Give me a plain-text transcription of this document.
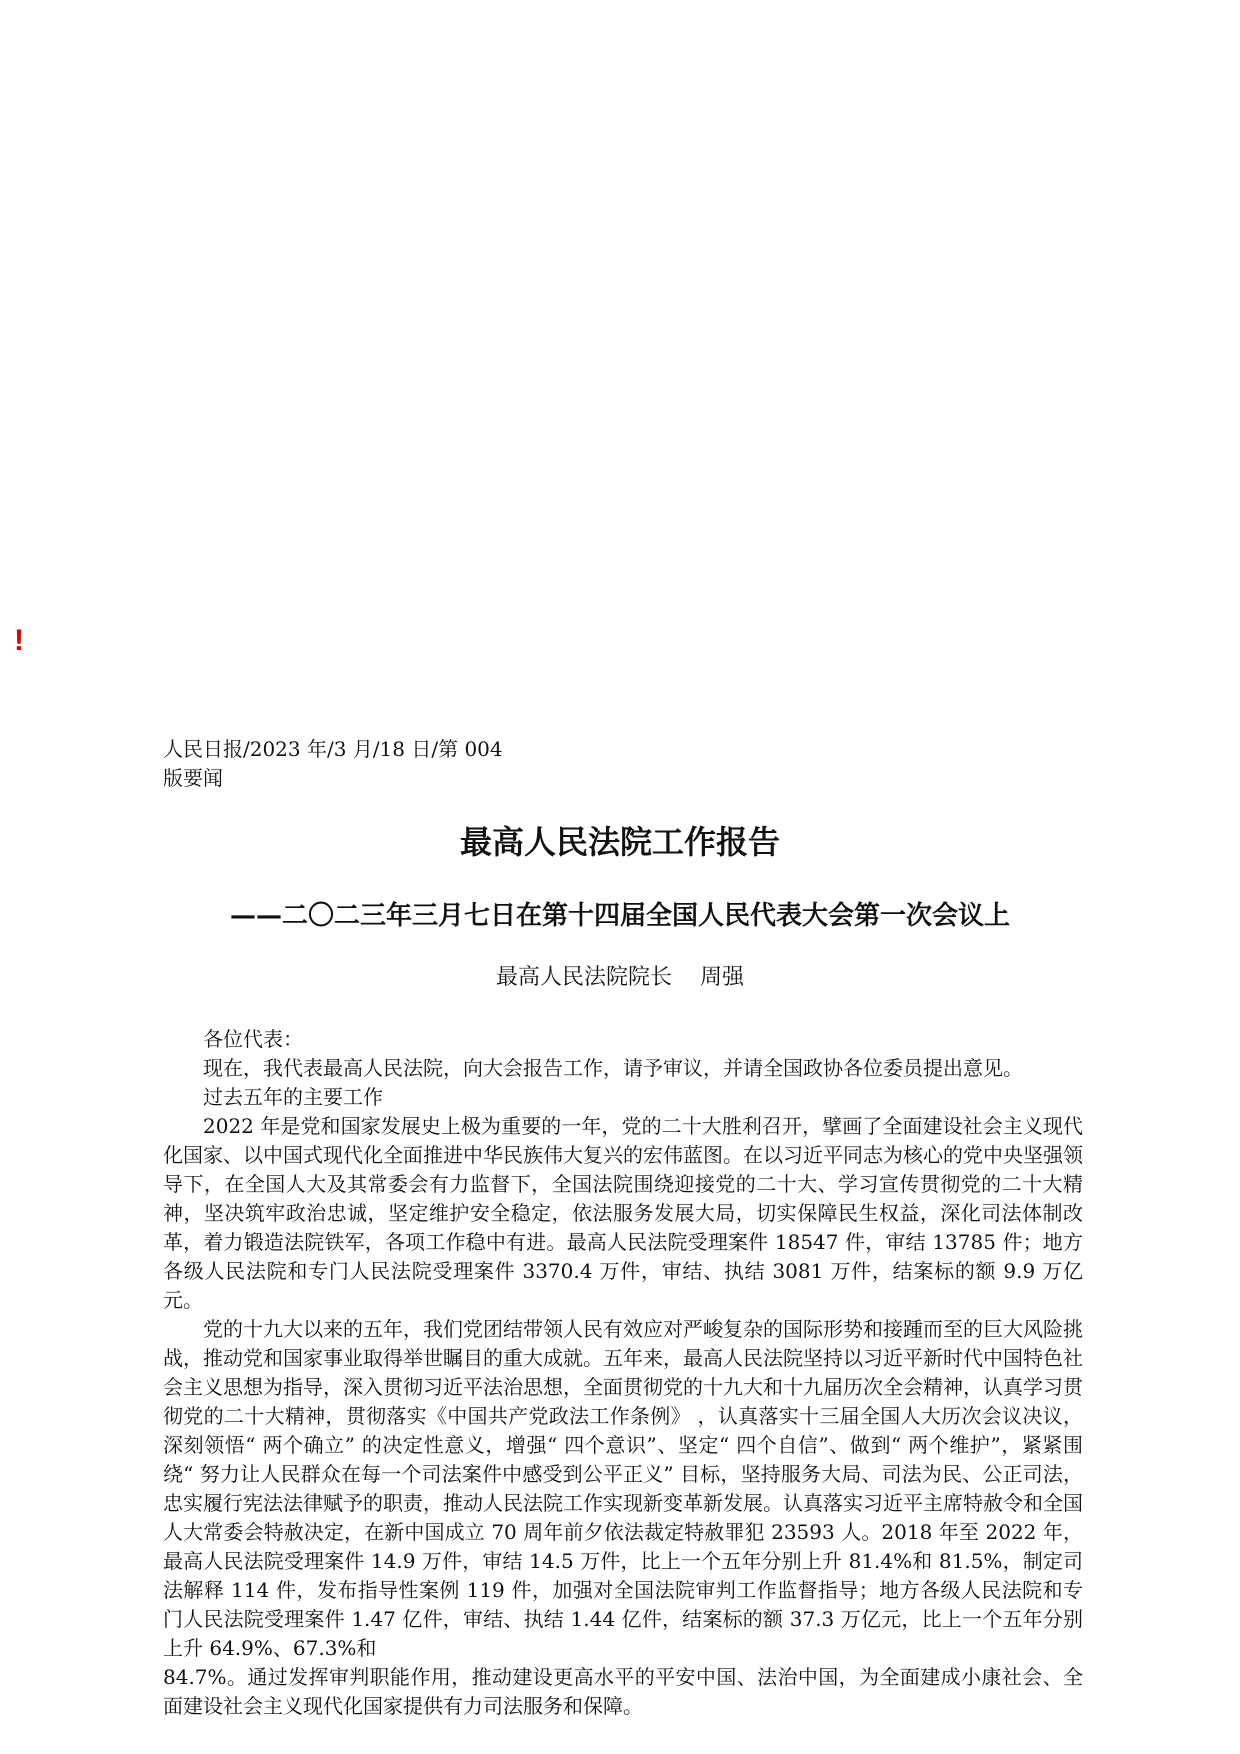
!
人民日报/2023 年/3 月/18 日/第 004
版要闻
最高人民法院工作报告
——二〇二三年三月七日在第十四届全国人民代表大会第一次会议上
最高人民法院院长    周强

各位代表：

现在，我代表最高人民法院，向大会报告工作，请予审议，并请全国政协各位委员提出意见。

过去五年的主要工作

2022 年是党和国家发展史上极为重要的一年，党的二十大胜利召开，擘画了全面建设社会主义现代化国家、以中国式现代化全面推进中华民族伟大复兴的宏伟蓝图。在以习近平同志为核心的党中央坚强领导下，在全国人大及其常委会有力监督下，全国法院围绕迎接党的二十大、学习宣传贯彻党的二十大精神，坚决筑牢政治忠诚，坚定维护安全稳定，依法服务发展大局，切实保障民生权益，深化司法体制改革，着力锻造法院铁军，各项工作稳中有进。最高人民法院受理案件 18547 件，审结 13785 件；地方各级人民法院和专门人民法院受理案件 3370.4 万件，审结、执结 3081 万件，结案标的额 9.9 万亿元。

党的十九大以来的五年，我们党团结带领人民有效应对严峻复杂的国际形势和接踵而至的巨大风险挑战，推动党和国家事业取得举世瞩目的重大成就。五年来，最高人民法院坚持以习近平新时代中国特色社会主义思想为指导，深入贯彻习近平法治思想，全面贯彻党的十九大和十九届历次全会精神，认真学习贯彻党的二十大精神，贯彻落实《中国共产党政法工作条例》 ，认真落实十三届全国人大历次会议决议，深刻领悟“ 两个确立” 的决定性意义，增强“ 四个意识”、坚定“ 四个自信”、做到“ 两个维护”，紧紧围绕“ 努力让人民群众在每一个司法案件中感受到公平正义” 目标，坚持服务大局、司法为民、公正司法，忠实履行宪法法律赋予的职责，推动人民法院工作实现新变革新发展。认真落实习近平主席特赦令和全国人大常委会特赦决定，在新中国成立 70 周年前夕依法裁定特赦罪犯 23593 人。2018 年至 2022 年，最高人民法院受理案件 14.9 万件，审结 14.5 万件，比上一个五年分别上升 81.4%和 81.5%，制定司法解释 114 件，发布指导性案例 119 件，加强对全国法院审判工作监督指导；地方各级人民法院和专门人民法院受理案件 1.47 亿件，审结、执结 1.44 亿件，结案标的额 37.3 万亿元，比上一个五年分别上升 64.9%、67.3%和

84.7%。通过发挥审判职能作用，推动建设更高水平的平安中国、法治中国，为全面建成小康社会、全面建设社会主义现代化国家提供有力司法服务和保障。
